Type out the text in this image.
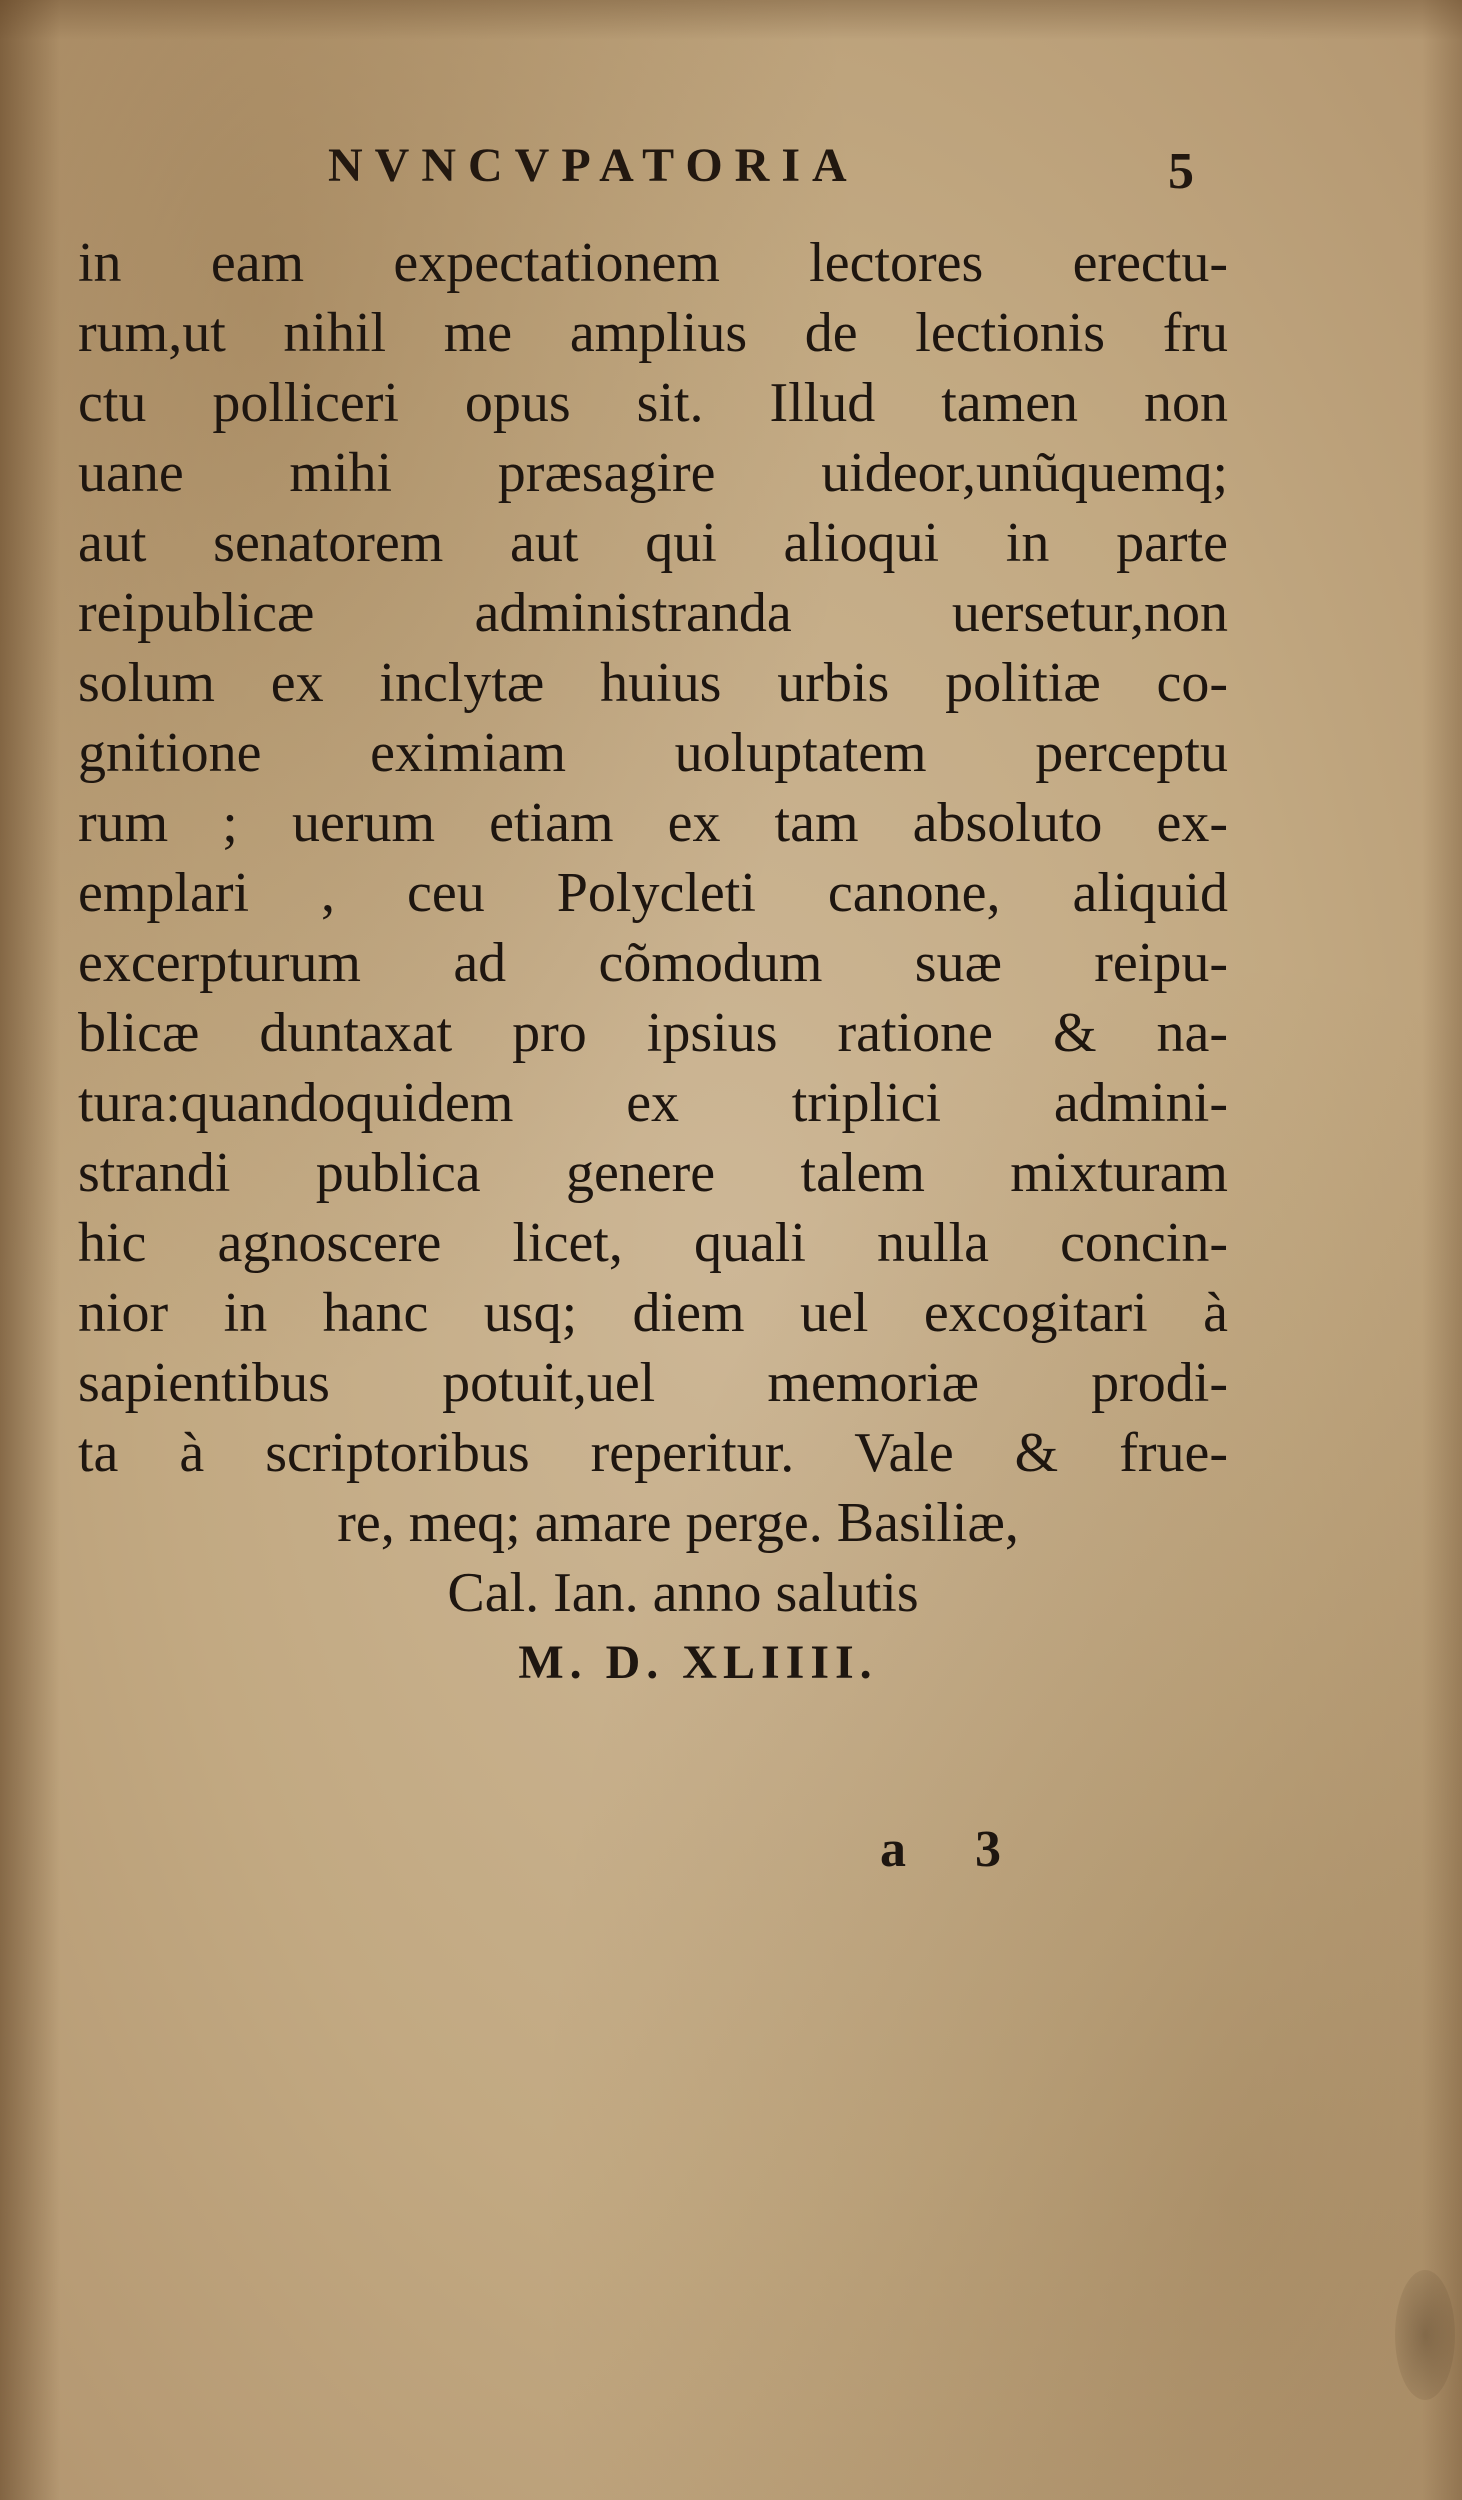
NVNCVPATORIA	5
in eam expectationem lectores erectu-
rum,ut nihil me amplius de lectionis fru
ctu polliceri opus sit. Illud tamen non
uane mihi præsagire uideor,unũquemq;
aut senatorem aut qui alioqui in parte
reipublicæ administranda uersetur,non
solum ex inclytæ huius urbis politiæ co-
gnitione eximiam uoluptatem perceptu
rum ; uerum etiam ex tam absoluto ex-
emplari , ceu Polycleti canone, aliquid
excerpturum ad cõmodum suæ reipu-
blicæ duntaxat pro ipsius ratione & na-
tura:quandoquidem ex triplici admini-
strandi publica genere talem mixturam
hic agnoscere licet, quali nulla concin-
nior in hanc usq; diem uel excogitari à
sapientibus potuit,uel memoriæ prodi-
ta à scriptoribus reperitur. Vale & frue-
re, meq; amare perge. Basiliæ,
Cal. Ian. anno salutis
M. D. XLIIII.
a 3
